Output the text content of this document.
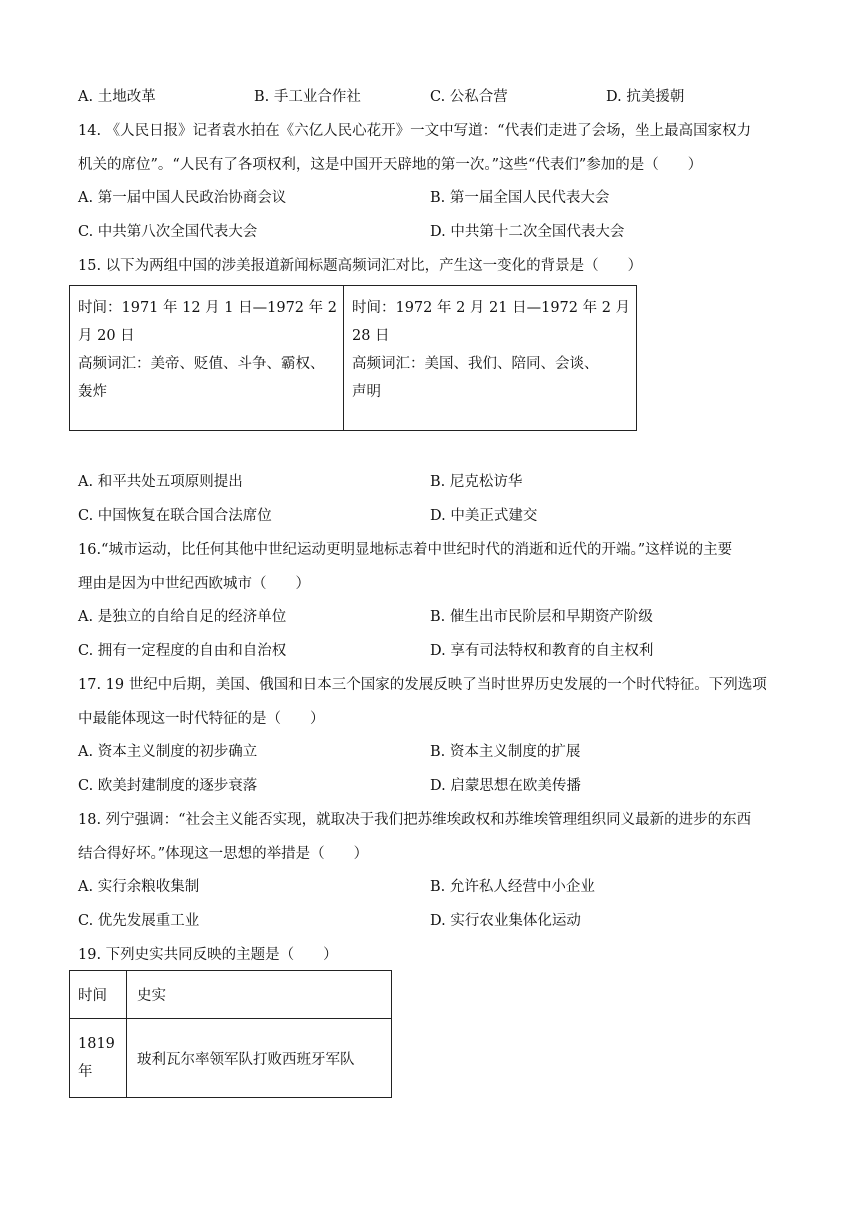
A. 土地改革	B. 手工业合作社	C. 公私合营	D. 抗美援朝
14. 《人民日报》记者袁水拍在《六亿人民心花开》一文中写道：“代表们走进了会场，坐上最高国家权力
机关的席位”。“人民有了各项权利，这是中国开天辟地的第一次。”这些“代表们”参加的是（　　）
A. 第一届中国人民政治协商会议	B. 第一届全国人民代表大会
C. 中共第八次全国代表大会	D. 中共第十二次全国代表大会
15. 以下为两组中国的涉美报道新闻标题高频词汇对比，产生这一变化的背景是（　　）
时间：1971 年 12 月 1 日—1972 年 2
月 20 日
高频词汇：美帝、贬值、斗争、霸权、
轰炸

时间：1972 年 2 月 21 日—1972 年 2 月
28 日
高频词汇：美国、我们、陪同、会谈、
声明
A. 和平共处五项原则提出	B. 尼克松访华
C. 中国恢复在联合国合法席位	D. 中美正式建交
16.“城市运动，比任何其他中世纪运动更明显地标志着中世纪时代的消逝和近代的开端。”这样说的主要
理由是因为中世纪西欧城市（　　）
A. 是独立的自给自足的经济单位	B. 催生出市民阶层和早期资产阶级
C. 拥有一定程度的自由和自治权	D. 享有司法特权和教育的自主权利
17. 19 世纪中后期，美国、俄国和日本三个国家的发展反映了当时世界历史发展的一个时代特征。下列选项
中最能体现这一时代特征的是（　　）
A. 资本主义制度的初步确立	B. 资本主义制度的扩展
C. 欧美封建制度的逐步衰落	D. 启蒙思想在欧美传播
18. 列宁强调：“社会主义能否实现，就取决于我们把苏维埃政权和苏维埃管理组织同义最新的进步的东西
结合得好坏。”体现这一思想的举措是（　　）
A. 实行余粮收集制	B. 允许私人经营中小企业
C. 优先发展重工业	D. 实行农业集体化运动
19. 下列史实共同反映的主题是（　　）
时间	史实

1819
年	玻利瓦尔率领军队打败西班牙军队
